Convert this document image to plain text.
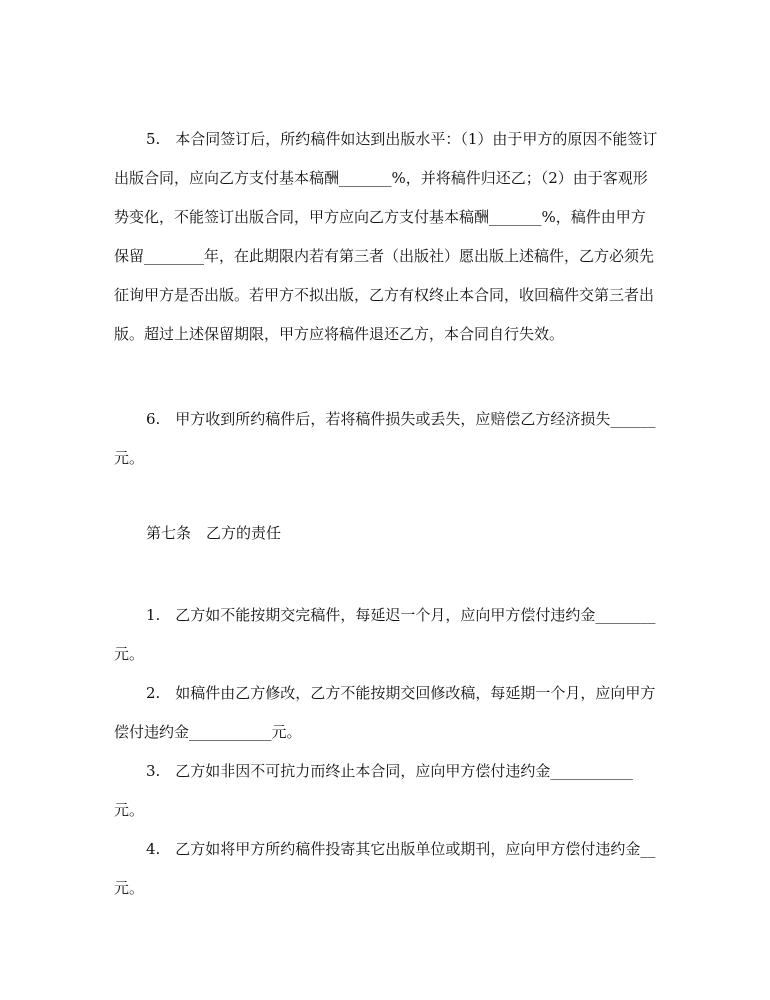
5.　本合同签订后，所约稿件如达到出版水平：（1）由于甲方的原因不能签订出版合同，应向乙方支付基本稿酬_______%，并将稿件归还乙；（2）由于客观形势变化，不能签订出版合同，甲方应向乙方支付基本稿酬_______%，稿件由甲方保留________年，在此期限内若有第三者（出版社）愿出版上述稿件，乙方必须先征询甲方是否出版。若甲方不拟出版，乙方有权终止本合同，收回稿件交第三者出版。超过上述保留期限，甲方应将稿件退还乙方，本合同自行失效。

6.　甲方收到所约稿件后，若将稿件损失或丢失，应赔偿乙方经济损失______元。

第七条　乙方的责任

1.　乙方如不能按期交完稿件，每延迟一个月，应向甲方偿付违约金________元。

2.　如稿件由乙方修改，乙方不能按期交回修改稿，每延期一个月，应向甲方偿付违约金___________元。

3.　乙方如非因不可抗力而终止本合同，应向甲方偿付违约金___________元。

4.　乙方如将甲方所约稿件投寄其它出版单位或期刊，应向甲方偿付违约金__元。
